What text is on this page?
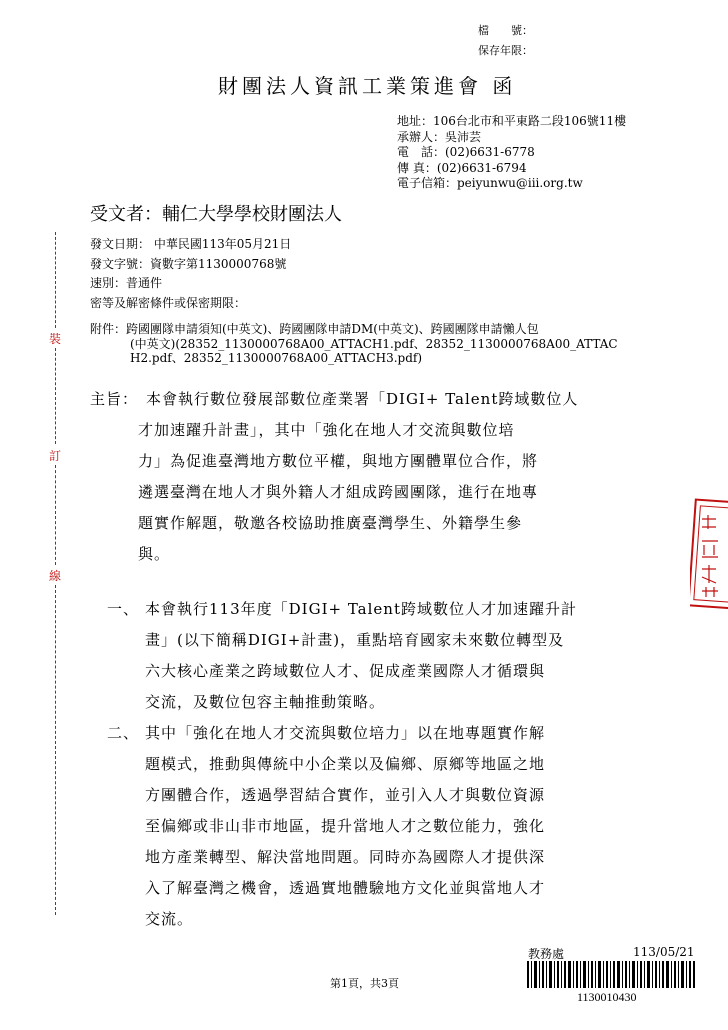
檔　　號：
保存年限：
財團法人資訊工業策進會 函
地址：106台北市和平東路二段106號11樓
承辦人：吳沛芸
電　話：(02)6631-6778
傳 真：(02)6631-6794
電子信箱：peiyunwu@iii.org.tw
受文者：輔仁大學學校財團法人
發文日期： 中華民國113年05月21日
發文字號：資數字第1130000768號
速別：普通件
密等及解密條件或保密期限：
附件：跨國團隊申請須知(中英文)、跨國團隊申請DM(中英文)、跨國團隊申請懶人包
(中英文)(28352_1130000768A00_ATTACH1.pdf、28352_1130000768A00_ATTAC
H2.pdf、28352_1130000768A00_ATTACH3.pdf)
裝
訂
線
主旨： 本會執行數位發展部數位產業署「DIGI+ Talent跨域數位人
才加速躍升計畫」，其中「強化在地人才交流與數位培
力」為促進臺灣地方數位平權，與地方團體單位合作，將
遴選臺灣在地人才與外籍人才組成跨國團隊，進行在地專
題實作解題，敬邀各校協助推廣臺灣學生、外籍學生參
與。
一、 本會執行113年度「DIGI+ Talent跨域數位人才加速躍升計
畫」(以下簡稱DIGI+計畫)，重點培育國家未來數位轉型及
六大核心產業之跨域數位人才、促成產業國際人才循環與
交流，及數位包容主軸推動策略。
二、 其中「強化在地人才交流與數位培力」以在地專題實作解
題模式，推動與傳統中小企業以及偏鄉、原鄉等地區之地
方團體合作，透過學習結合實作，並引入人才與數位資源
至偏鄉或非山非市地區，提升當地人才之數位能力，強化
地方產業轉型、解決當地問題。同時亦為國際人才提供深
入了解臺灣之機會，透過實地體驗地方文化並與當地人才
交流。
教務處	113/05/21
1130010430
第1頁，共3頁
